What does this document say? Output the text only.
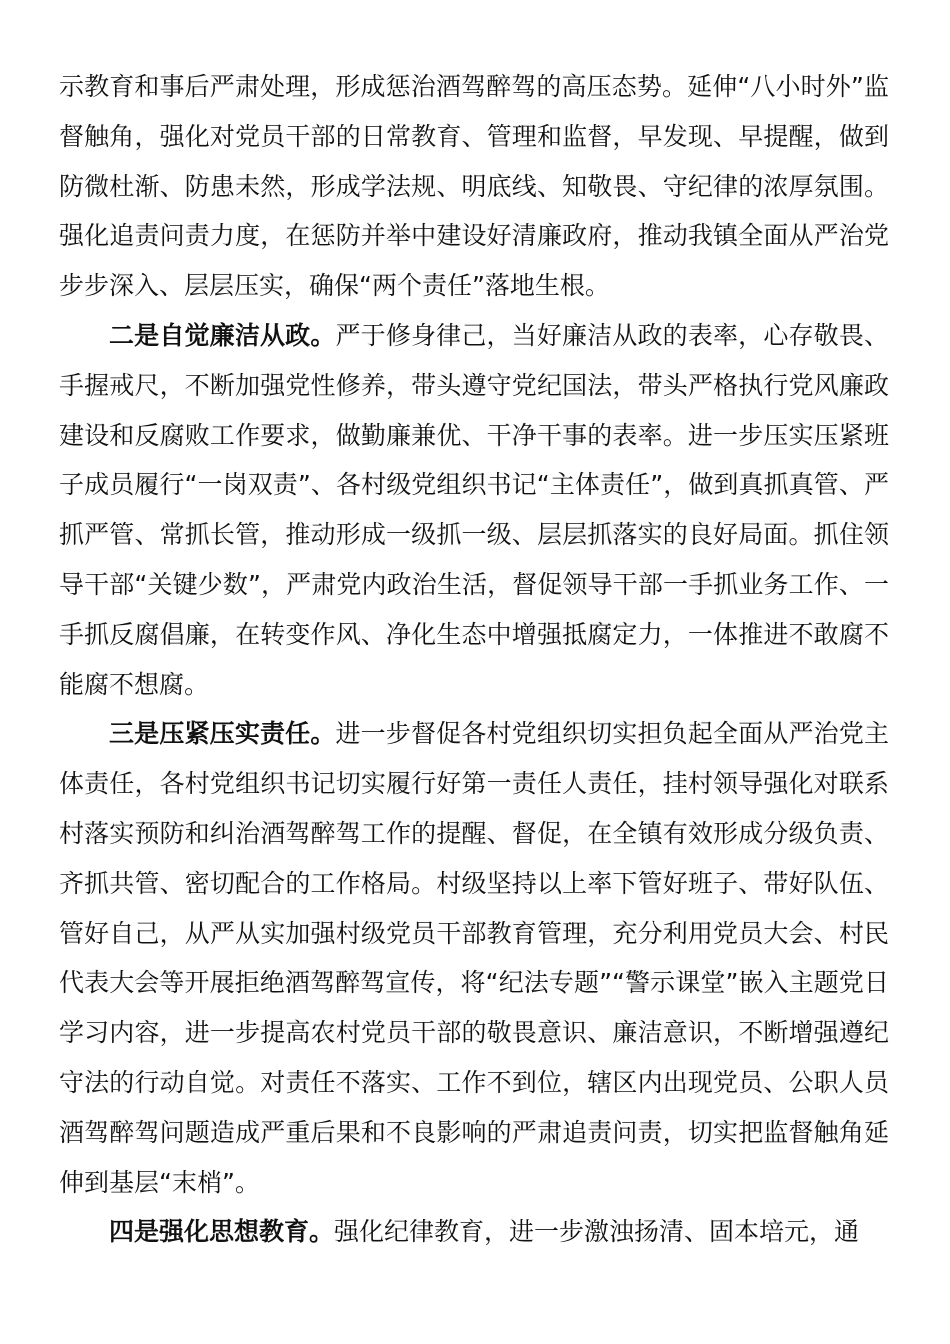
示教育和事后严肃处理，形成惩治酒驾醉驾的高压态势。延伸“八小时外”监督触角，强化对党员干部的日常教育、管理和监督，早发现、早提醒，做到防微杜渐、防患未然，形成学法规、明底线、知敬畏、守纪律的浓厚氛围。强化追责问责力度，在惩防并举中建设好清廉政府，推动我镇全面从严治党步步深入、层层压实，确保“两个责任”落地生根。

二是自觉廉洁从政。严于修身律己，当好廉洁从政的表率，心存敬畏、手握戒尺，不断加强党性修养，带头遵守党纪国法，带头严格执行党风廉政建设和反腐败工作要求，做勤廉兼优、干净干事的表率。进一步压实压紧班子成员履行“一岗双责”、各村级党组织书记“主体责任”，做到真抓真管、严抓严管、常抓长管，推动形成一级抓一级、层层抓落实的良好局面。抓住领导干部“关键少数”，严肃党内政治生活，督促领导干部一手抓业务工作、一手抓反腐倡廉，在转变作风、净化生态中增强抵腐定力，一体推进不敢腐不能腐不想腐。

三是压紧压实责任。进一步督促各村党组织切实担负起全面从严治党主体责任，各村党组织书记切实履行好第一责任人责任，挂村领导强化对联系村落实预防和纠治酒驾醉驾工作的提醒、督促，在全镇有效形成分级负责、齐抓共管、密切配合的工作格局。村级坚持以上率下管好班子、带好队伍、管好自己，从严从实加强村级党员干部教育管理，充分利用党员大会、村民代表大会等开展拒绝酒驾醉驾宣传，将“纪法专题”“警示课堂”嵌入主题党日学习内容，进一步提高农村党员干部的敬畏意识、廉洁意识，不断增强遵纪守法的行动自觉。对责任不落实、工作不到位，辖区内出现党员、公职人员酒驾醉驾问题造成严重后果和不良影响的严肃追责问责，切实把监督触角延伸到基层“末梢”。

四是强化思想教育。强化纪律教育，进一步激浊扬清、固本培元，通
